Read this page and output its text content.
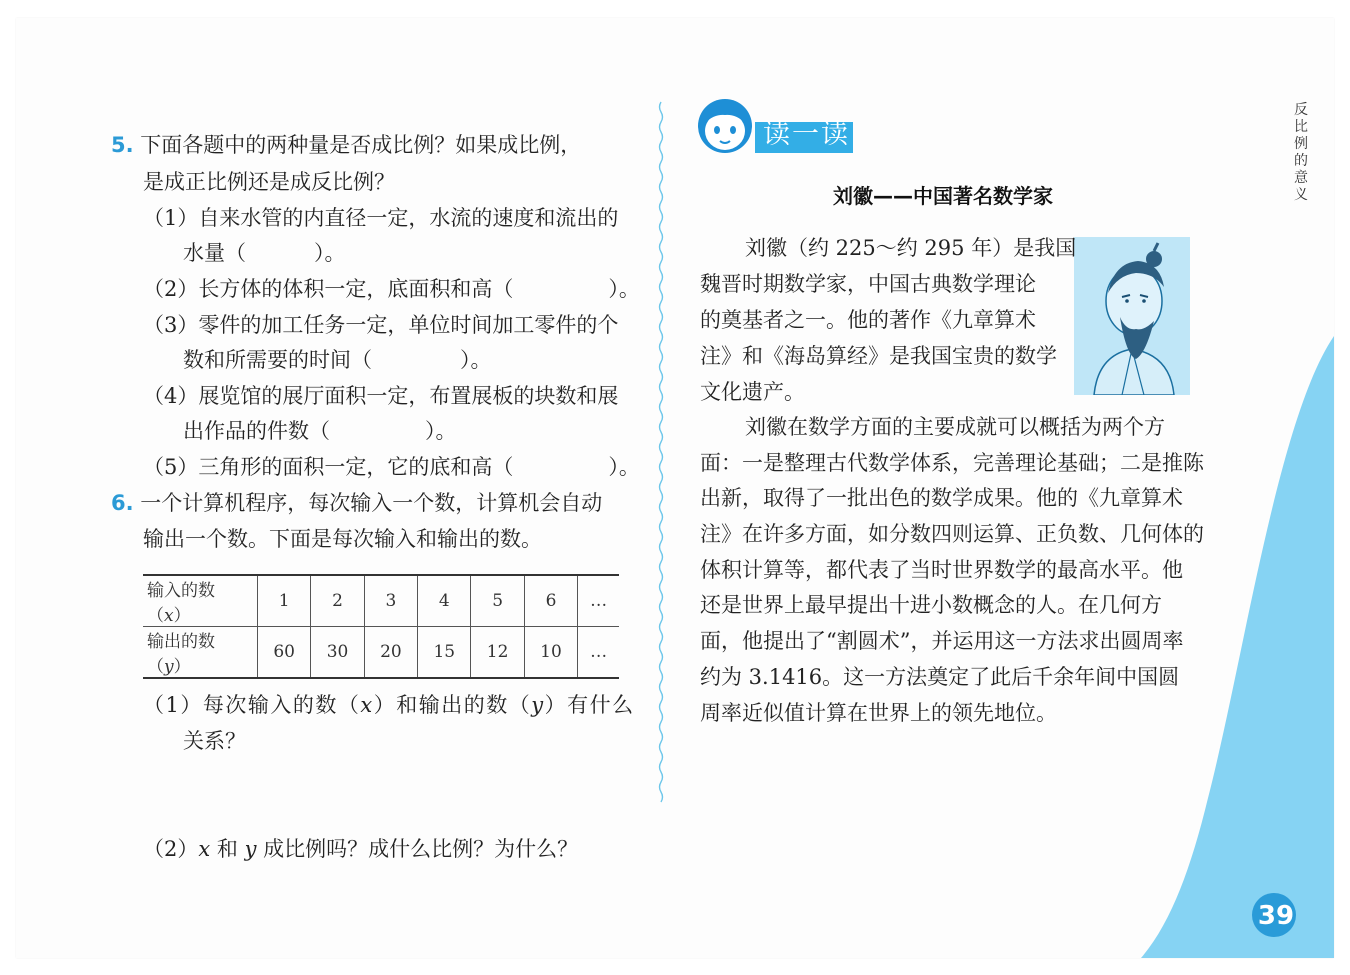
5. 下面各题中的两种量是否成比例？如果成比例，
是成正比例还是成反比例？
（1）自来水管的内直径一定，水流的速度和流出的
水量（	）。
（2）长方体的体积一定，底面积和高（	）。
（3）零件的加工任务一定，单位时间加工零件的个
数和所需要的时间（	）。
（4）展览馆的展厅面积一定，布置展板的块数和展
出作品的件数（	）。
（5）三角形的面积一定，它的底和高（	）。
6. 一个计算机程序，每次输入一个数，计算机会自动
输出一个数。下面是每次输入和输出的数。
输入的数（x）	1	2	3	4	5	6	…
输出的数（y）	60	30	20	15	12	10	…
（1）每次输入的数（x）和输出的数（y）有什么
关系？
（2）x 和 y 成比例吗？成什么比例？为什么？
读一读
刘徽——中国著名数学家
刘徽（约 225～约 295 年）是我国
魏晋时期数学家，中国古典数学理论
的奠基者之一。他的著作《九章算术
注》和《海岛算经》是我国宝贵的数学
文化遗产。
刘徽在数学方面的主要成就可以概括为两个方
面：一是整理古代数学体系，完善理论基础；二是推陈
出新，取得了一批出色的数学成果。他的《九章算术
注》在许多方面，如分数四则运算、正负数、几何体的
体积计算等，都代表了当时世界数学的最高水平。他
还是世界上最早提出十进小数概念的人。在几何方
面，他提出了“割圆术”，并运用这一方法求出圆周率
约为 3.1416。这一方法奠定了此后千余年间中国圆
周率近似值计算在世界上的领先地位。
反比例的意义
39
